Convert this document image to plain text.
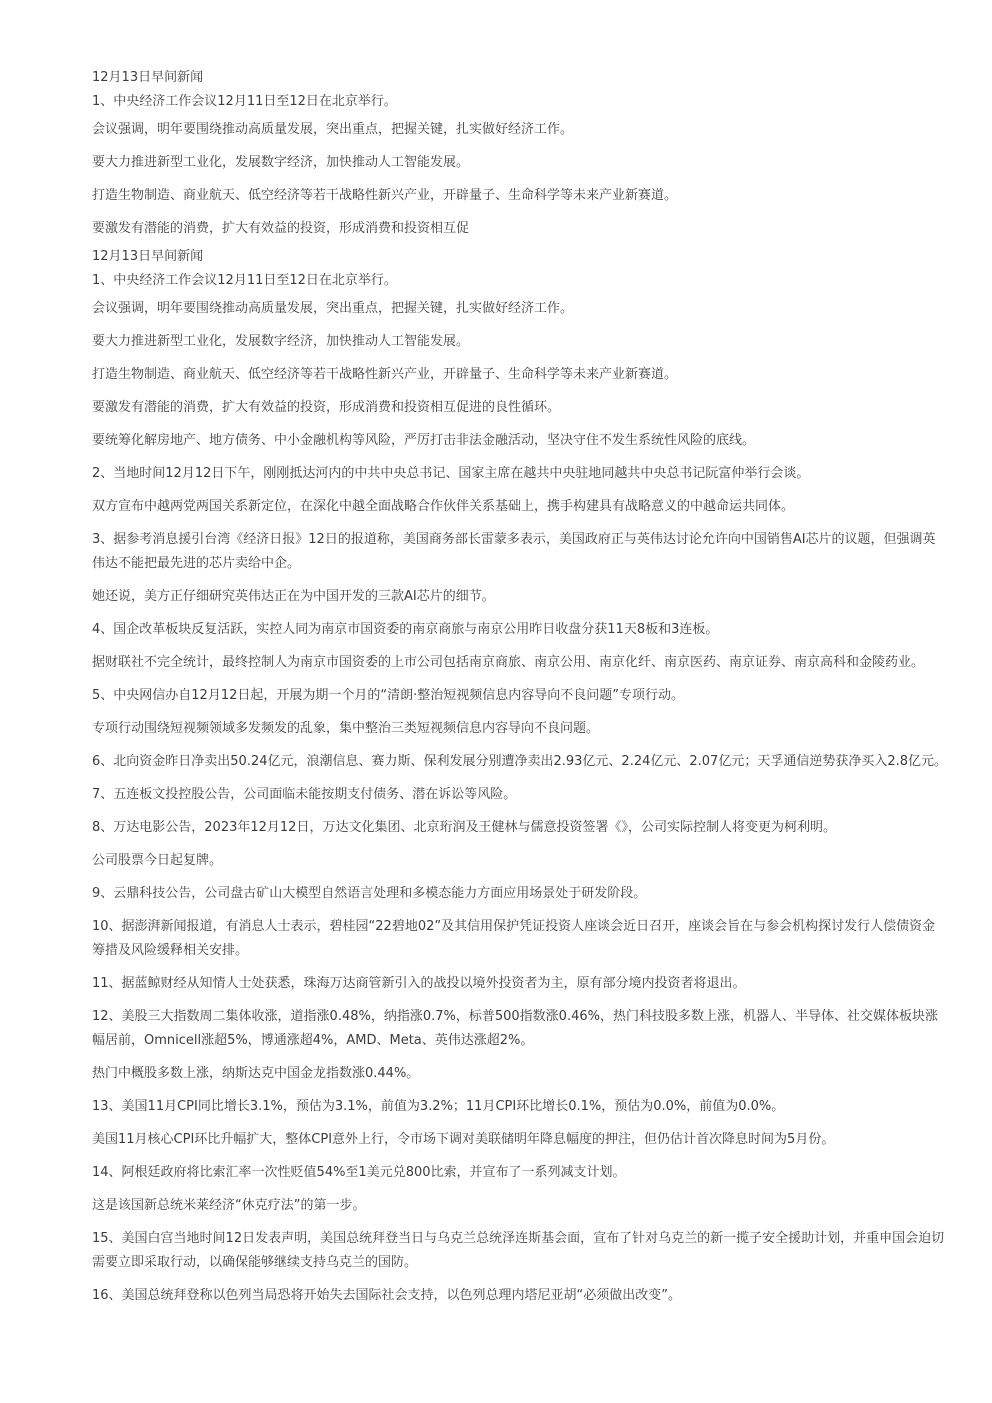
12月13日早间新闻

1、中央经济工作会议12月11日至12日在北京举行。

会议强调，明年要围绕推动高质量发展，突出重点，把握关键，扎实做好经济工作。

要大力推进新型工业化，发展数字经济，加快推动人工智能发展。

打造生物制造、商业航天、低空经济等若干战略性新兴产业，开辟量子、生命科学等未来产业新赛道。

要激发有潜能的消费，扩大有效益的投资，形成消费和投资相互促

12月13日早间新闻

1、中央经济工作会议12月11日至12日在北京举行。

会议强调，明年要围绕推动高质量发展，突出重点，把握关键，扎实做好经济工作。

要大力推进新型工业化，发展数字经济，加快推动人工智能发展。

打造生物制造、商业航天、低空经济等若干战略性新兴产业，开辟量子、生命科学等未来产业新赛道。

要激发有潜能的消费，扩大有效益的投资，形成消费和投资相互促进的良性循环。

要统筹化解房地产、地方债务、中小金融机构等风险，严厉打击非法金融活动，坚决守住不发生系统性风险的底线。

2、当地时间12月12日下午，刚刚抵达河内的中共中央总书记、国家主席在越共中央驻地同越共中央总书记阮富仲举行会谈。

双方宣布中越两党两国关系新定位，在深化中越全面战略合作伙伴关系基础上，携手构建具有战略意义的中越命运共同体。

3、据参考消息援引台湾《经济日报》12日的报道称，美国商务部长雷蒙多表示，美国政府正与英伟达讨论允许向中国销售AI芯片的议题，但强调英伟达不能把最先进的芯片卖给中企。

她还说，美方正仔细研究英伟达正在为中国开发的三款AI芯片的细节。

4、国企改革板块反复活跃，实控人同为南京市国资委的南京商旅与南京公用昨日收盘分获11天8板和3连板。

据财联社不完全统计，最终控制人为南京市国资委的上市公司包括南京商旅、南京公用、南京化纤、南京医药、南京证券、南京高科和金陵药业。

5、中央网信办自12月12日起，开展为期一个月的“清朗·整治短视频信息内容导向不良问题”专项行动。

专项行动围绕短视频领域多发频发的乱象，集中整治三类短视频信息内容导向不良问题。

6、北向资金昨日净卖出50.24亿元，浪潮信息、赛力斯、保利发展分别遭净卖出2.93亿元、2.24亿元、2.07亿元；天孚通信逆势获净买入2.8亿元。

7、五连板文投控股公告，公司面临未能按期支付债务、潜在诉讼等风险。

8、万达电影公告，2023年12月12日，万达文化集团、北京珩润及王健林与儒意投资签署《》，公司实际控制人将变更为柯利明。

公司股票今日起复牌。

9、云鼎科技公告，公司盘古矿山大模型自然语言处理和多模态能力方面应用场景处于研发阶段。

10、据澎湃新闻报道，有消息人士表示，碧桂园“22碧地02”及其信用保护凭证投资人座谈会近日召开，座谈会旨在与参会机构探讨发行人偿债资金筹措及风险缓释相关安排。

11、据蓝鲸财经从知情人士处获悉，珠海万达商管新引入的战投以境外投资者为主，原有部分境内投资者将退出。

12、美股三大指数周二集体收涨，道指涨0.48%，纳指涨0.7%，标普500指数涨0.46%，热门科技股多数上涨，机器人、半导体、社交媒体板块涨幅居前，Omnicell涨超5%，博通涨超4%，AMD、Meta、英伟达涨超2%。

热门中概股多数上涨，纳斯达克中国金龙指数涨0.44%。

13、美国11月CPI同比增长3.1%，预估为3.1%，前值为3.2%；11月CPI环比增长0.1%，预估为0.0%，前值为0.0%。

美国11月核心CPI环比升幅扩大，整体CPI意外上行，令市场下调对美联储明年降息幅度的押注，但仍估计首次降息时间为5月份。

14、阿根廷政府将比索汇率一次性贬值54%至1美元兑800比索，并宣布了一系列减支计划。

这是该国新总统米莱经济“休克疗法”的第一步。

15、美国白宫当地时间12日发表声明，美国总统拜登当日与乌克兰总统泽连斯基会面，宣布了针对乌克兰的新一揽子安全援助计划，并重申国会迫切需要立即采取行动，以确保能够继续支持乌克兰的国防。

16、美国总统拜登称以色列当局恐将开始失去国际社会支持，以色列总理内塔尼亚胡“必须做出改变”。
